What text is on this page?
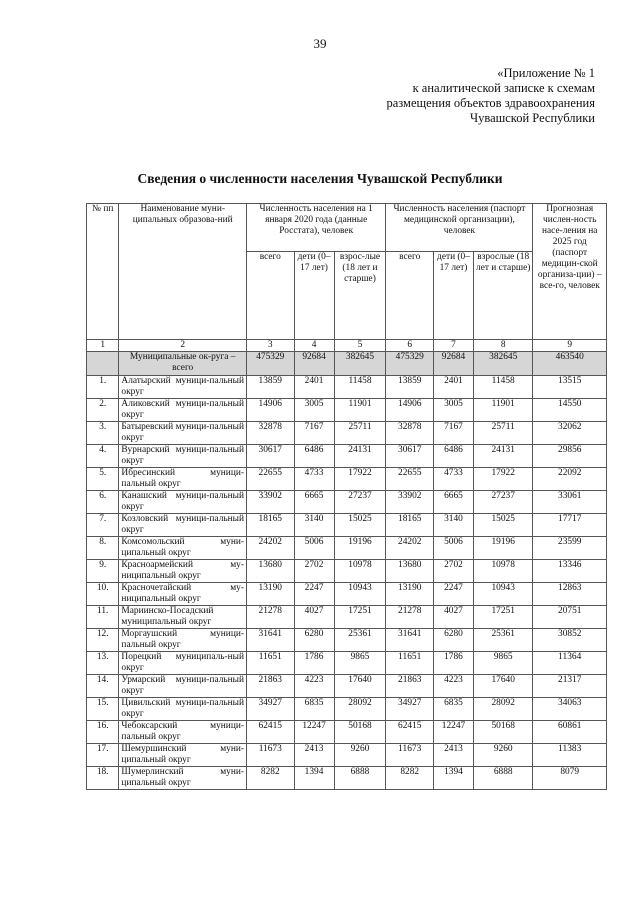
39
«Приложение № 1
к аналитической записке к схемам
размещения объектов здравоохранения
Чувашской Республики
Сведения о численности населения Чувашской Республики
№ пп	Наименование муни-ципальных образова-ний	Численность населения на 1 января 2020 года (данные Росстата), человек			Численность населения (паспорт медицинской организации), человек			Прогнозная числен-ность насе-ления на 2025 год (паспорт медицин-ской организа-ции) – все-го, человек
		всего	дети (0–17 лет)	взрос-лые (18 лет и старше)	всего	дети (0–17 лет)	взрослые (18 лет и старше)	
1	2	3	4	5	6	7	8	9
	Муниципальные ок-руга – всего	475329	92684	382645	475329	92684	382645	463540
1.	Алатырский муници-пальный округ	13859	2401	11458	13859	2401	11458	13515
2.	Аликовский муници-пальный округ	14906	3005	11901	14906	3005	11901	14550
3.	Батыревский муници-пальный округ	32878	7167	25711	32878	7167	25711	32062
4.	Вурнарский муници-пальный округ	30617	6486	24131	30617	6486	24131	29856
5.	Ибресинский муници-пальный округ	22655	4733	17922	22655	4733	17922	22092
6.	Канашский муници-пальный округ	33902	6665	27237	33902	6665	27237	33061
7.	Козловский муници-пальный округ	18165	3140	15025	18165	3140	15025	17717
8.	Комсомольский муни-ципальный округ	24202	5006	19196	24202	5006	19196	23599
9.	Красноармейский му-ниципальный округ	13680	2702	10978	13680	2702	10978	13346
10.	Красночетайский му-ниципальный округ	13190	2247	10943	13190	2247	10943	12863
11.	Мариинско-Посадский муниципальный округ	21278	4027	17251	21278	4027	17251	20751
12.	Моргаушский муници-пальный округ	31641	6280	25361	31641	6280	25361	30852
13.	Порецкий муниципаль-ный округ	11651	1786	9865	11651	1786	9865	11364
14.	Урмарский муници-пальный округ	21863	4223	17640	21863	4223	17640	21317
15.	Цивильский муници-пальный округ	34927	6835	28092	34927	6835	28092	34063
16.	Чебоксарский муници-пальный округ	62415	12247	50168	62415	12247	50168	60861
17.	Шемуршинский муни-ципальный округ	11673	2413	9260	11673	2413	9260	11383
18.	Шумерлинский муни-ципальный округ	8282	1394	6888	8282	1394	6888	8079
